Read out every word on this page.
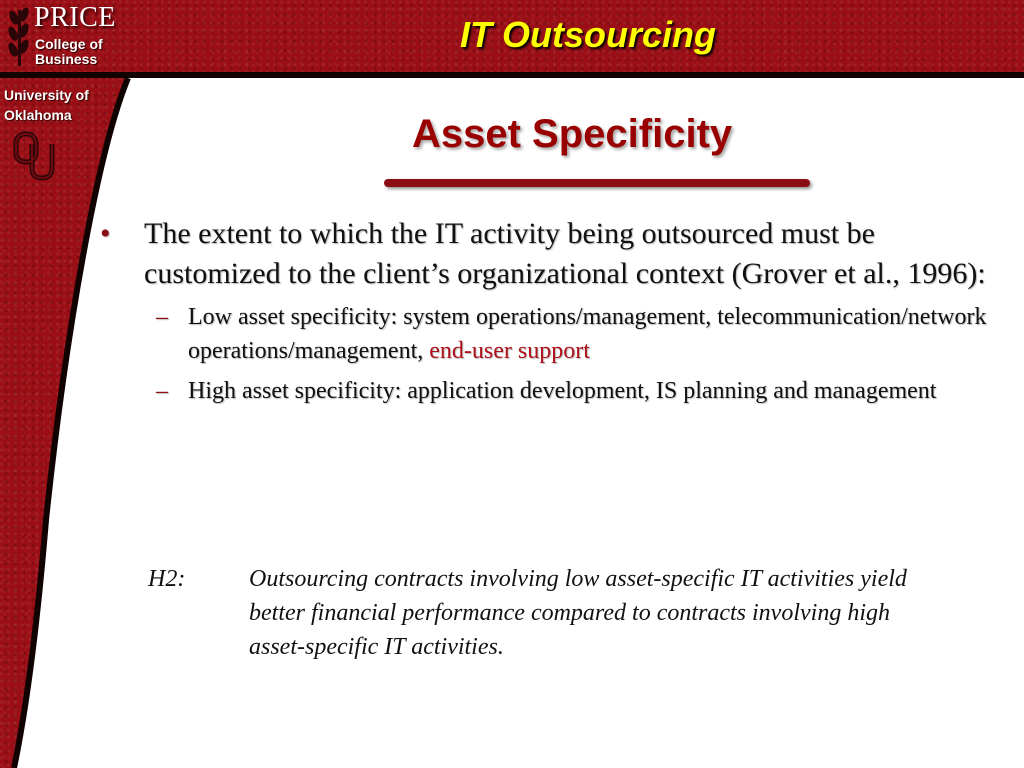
PRICE
College of
Business
University of
Oklahoma
IT Outsourcing
Asset Specificity
• The extent to which the IT activity being outsourced must be customized to the client’s organizational context (Grover et al., 1996):
– Low asset specificity: system operations/management, telecommunication/network operations/management, end-user support
– High asset specificity: application development, IS planning and management
H2:	Outsourcing contracts involving low asset-specific IT activities yield better financial performance compared to contracts involving high asset-specific IT activities.
